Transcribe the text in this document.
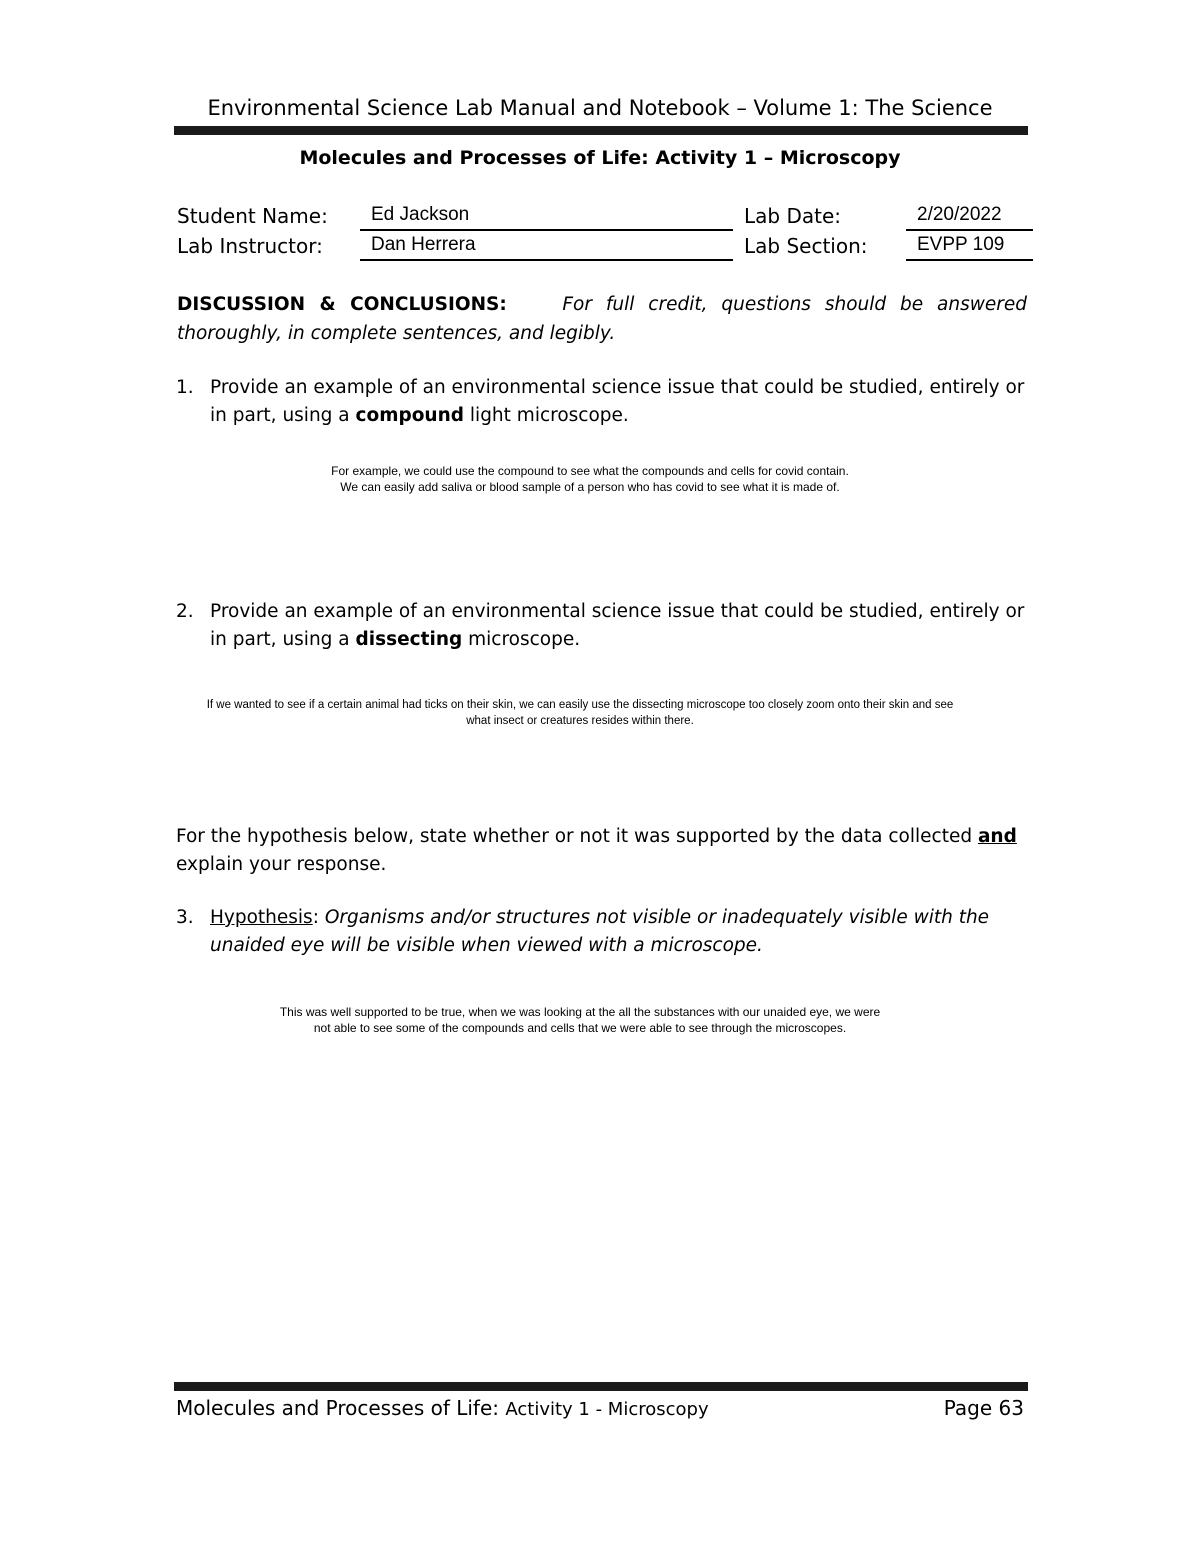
Environmental Science Lab Manual and Notebook – Volume 1: The Science
Molecules and Processes of Life: Activity 1 – Microscopy
Student Name: Ed Jackson	Lab Date:	2/20/2022
Lab Instructor:	Dan Herrera	Lab Section:	EVPP 109
DISCUSSION & CONCLUSIONS:	For full credit, questions should be answered thoroughly, in complete sentences, and legibly.
1. Provide an example of an environmental science issue that could be studied, entirely or in part, using a compound light microscope.
For example, we could use the compound to see what the compounds and cells for covid contain.
We can easily add saliva or blood sample of a person who has covid to see what it is made of.
2. Provide an example of an environmental science issue that could be studied, entirely or in part, using a dissecting microscope.
If we wanted to see if a certain animal had ticks on their skin, we can easily use the dissecting microscope too closely zoom onto their skin and see
what insect or creatures resides within there.
For the hypothesis below, state whether or not it was supported by the data collected and explain your response.
3. Hypothesis: Organisms and/or structures not visible or inadequately visible with the unaided eye will be visible when viewed with a microscope.
This was well supported to be true, when we was looking at the all the substances with our unaided eye, we were
not able to see some of the compounds and cells that we were able to see through the microscopes.
Molecules and Processes of Life: Activity 1 - Microscopy	Page 63
